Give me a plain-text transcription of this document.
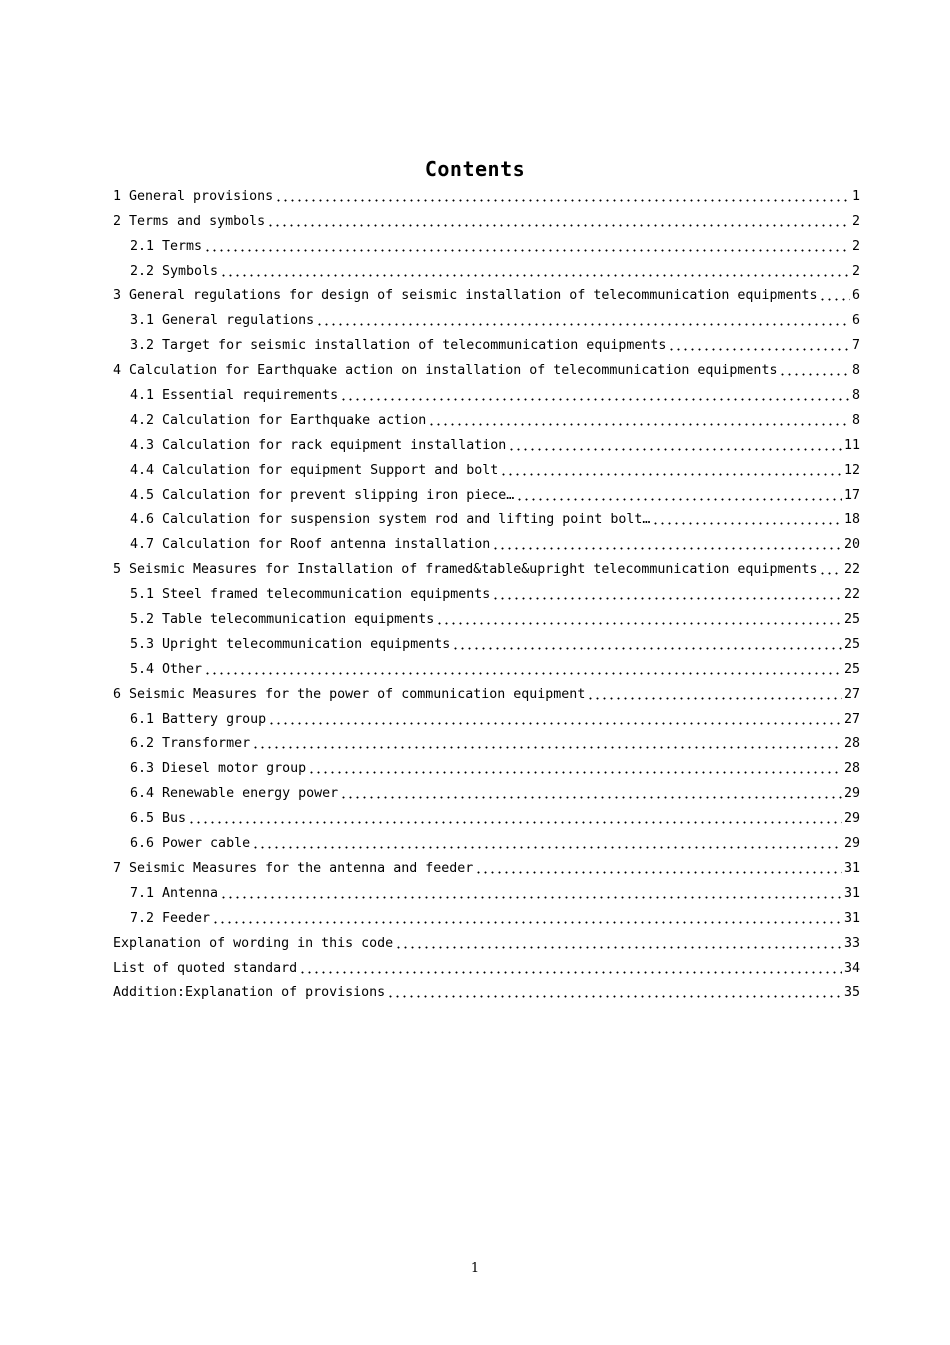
Contents
1 General provisions	1
2 Terms and symbols	2
2.1 Terms	2
2.2 Symbols	2
3 General regulations for design of seismic installation of telecommunication equipments	6
3.1 General regulations	6
3.2 Target for seismic installation of telecommunication equipments	7
4 Calculation for Earthquake action on installation of telecommunication equipments	8
4.1 Essential requirements	8
4.2 Calculation for Earthquake action	8
4.3 Calculation for rack equipment installation	11
4.4 Calculation for equipment Support and bolt	12
4.5 Calculation for prevent slipping iron piece…	17
4.6 Calculation for suspension system rod and lifting point bolt…	18
4.7 Calculation for Roof antenna installation	20
5 Seismic Measures for Installation of framed&table&upright telecommunication equipments 22
5.1 Steel framed telecommunication equipments	22
5.2 Table telecommunication equipments	25
5.3 Upright telecommunication equipments	25
5.4 Other	25
6 Seismic Measures for the power of communication equipment	27
6.1 Battery group	27
6.2 Transformer	28
6.3 Diesel motor group	28
6.4 Renewable energy power	29
6.5 Bus	29
6.6 Power cable	29
7 Seismic Measures for the antenna and feeder	31
7.1 Antenna	31
7.2 Feeder	31
Explanation of wording in this code	33
List of quoted standard	34
Addition:Explanation of provisions	35
1
